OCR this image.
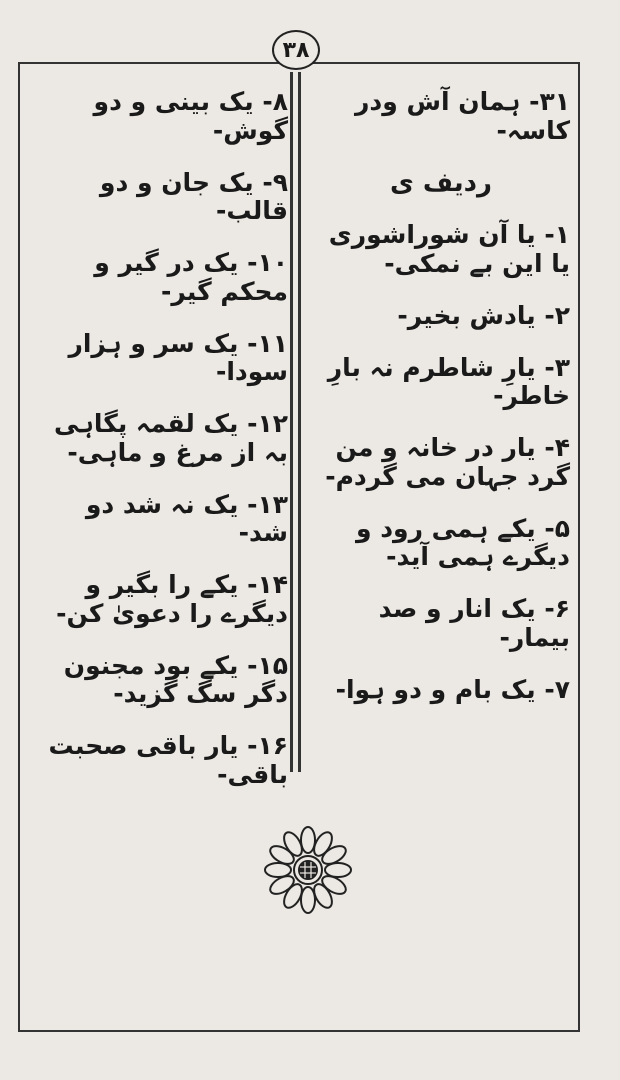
۳۸
۳۱- ہمان آش ودر کاسہ-
ردیف ی
۱- یا آن شوراشوری یا این بے نمکی-
۲- یادش بخیر-
۳- یارِ شاطرم نہ بارِ خاطر-
۴- یار در خانہ و من گرد جہان می گردم-
۵- یکے ہمی رود و دیگرے ہمی آید-
۶- یک انار و صد بیمار-
۷- یک بام و دو ہوا-
۸- یک بینی و دو گوش-
۹- یک جان و دو قالب-
۱۰- یک در گیر و محکم گیر-
۱۱- یک سر و ہزار سودا-
۱۲- یک لقمہ پگاہی بہ از مرغ و ماہی-
۱۳- یک نہ شد دو شد-
۱۴- یکے را بگیر و دیگرے را دعویٰ کن-
۱۵- یکے بود مجنون دگر سگ گزید-
۱۶- یار باقی صحبت باقی-
